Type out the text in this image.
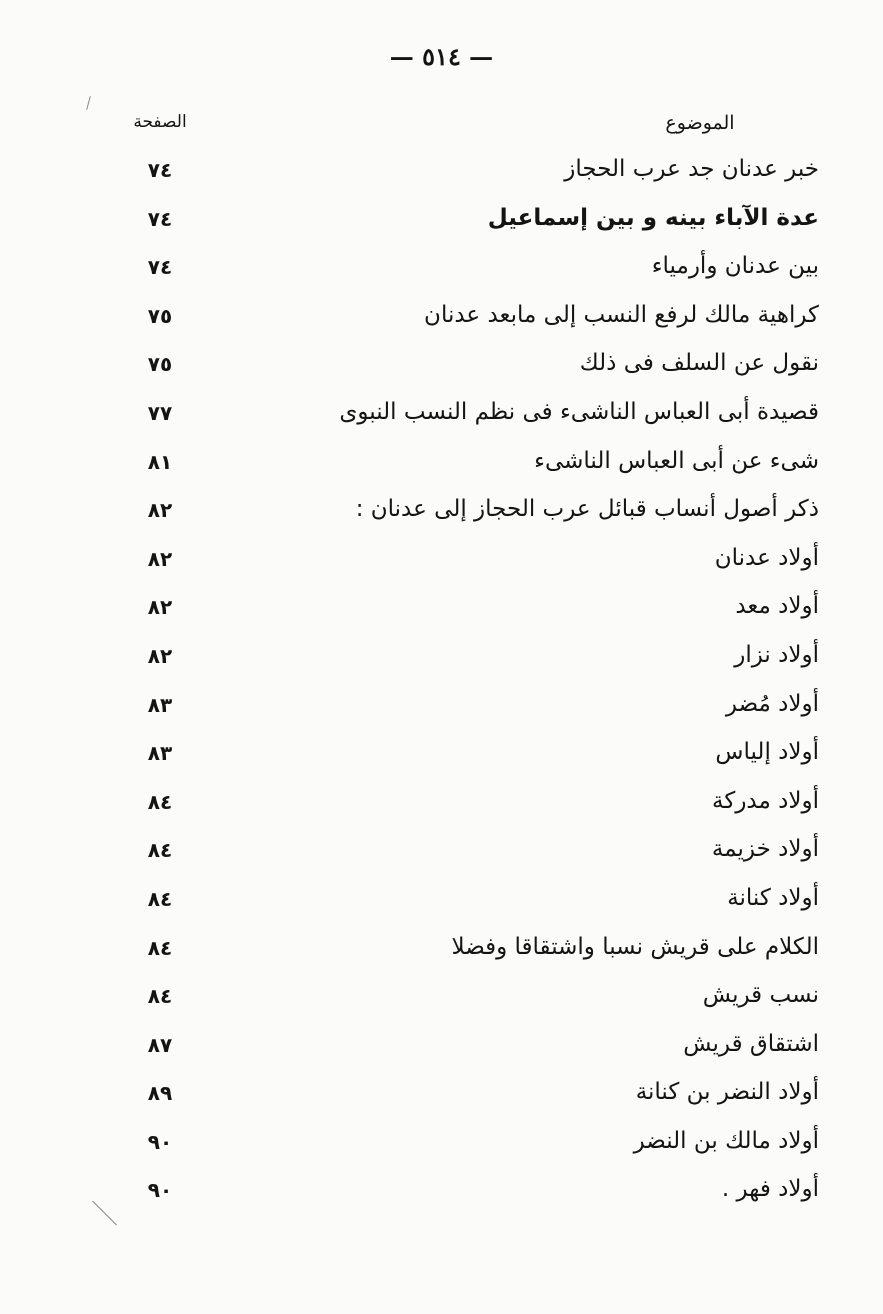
— ٥١٤ —
الموضوع
الصفحة
خبر عدنان جد عرب الحجاز
٧٤
عدة الآباء بينه و بين إسماعيل
٧٤
بين عدنان وأرمياء
٧٤
كراهية مالك لرفع النسب إلى مابعد عدنان
٧٥
نقول عن السلف فى ذلك
٧٥
قصيدة أبى العباس الناشىء فى نظم النسب النبوى
٧٧
شىء عن أبى العباس الناشىء
٨١
ذكر أصول أنساب قبائل عرب الحجاز إلى عدنان :
٨٢
أولاد عدنان
٨٢
أولاد معد
٨٢
أولاد نزار
٨٢
أولاد مُضر
٨٣
أولاد إلياس
٨٣
أولاد مدركة
٨٤
أولاد خزيمة
٨٤
أولاد كنانة
٨٤
الكلام على قريش نسبا واشتقاقا وفضلا
٨٤
نسب قريش
٨٤
اشتقاق قريش
٨٧
أولاد النضر بن كنانة
٨٩
أولاد مالك بن النضر
٩٠
أولاد فهر .
٩٠
